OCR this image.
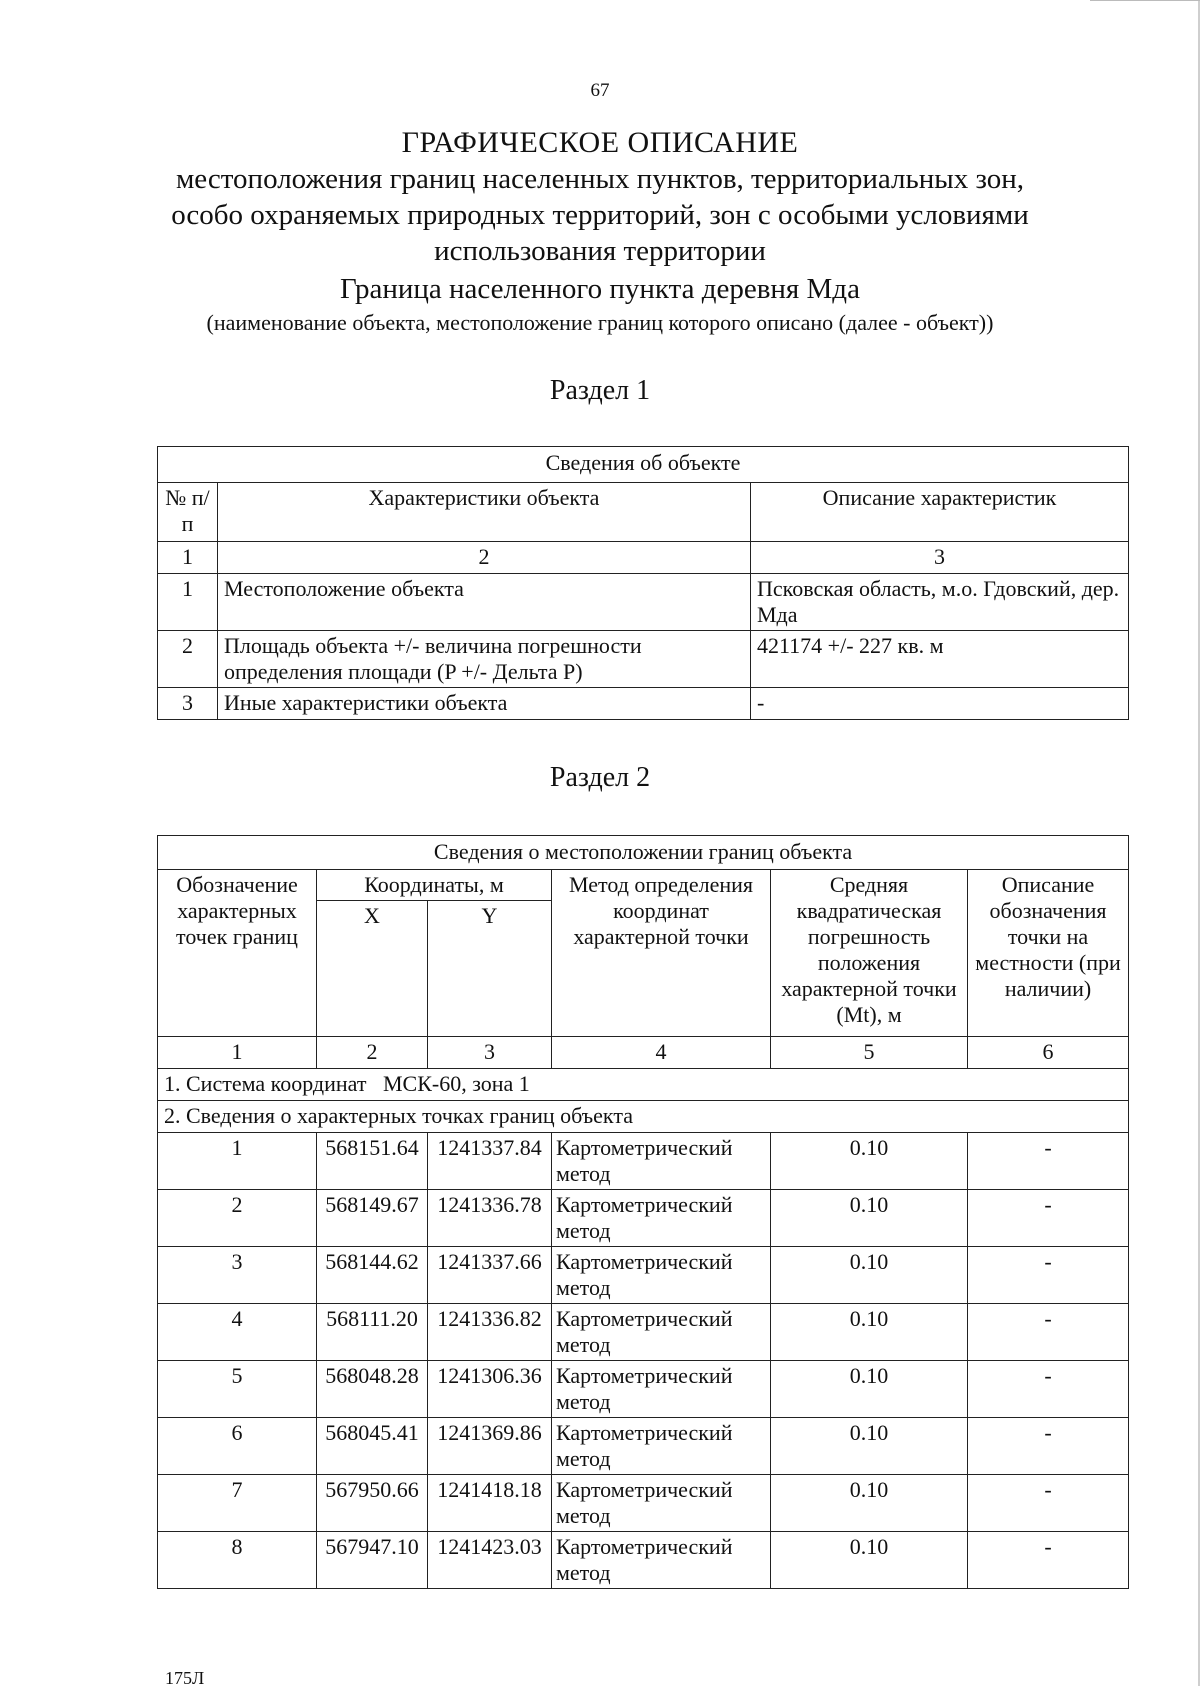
67
ГРАФИЧЕСКОЕ ОПИСАНИЕ
местоположения границ населенных пунктов, территориальных зон,
особо охраняемых природных территорий, зон с особыми условиями
использования территории
Граница населенного пункта деревня Мда
(наименование объекта, местоположение границ которого описано (далее - объект))
Раздел 1
Сведения об объекте		
№ п/п	Характеристики объекта	Описание характеристик
1	2	3
1	Местоположение объекта	Псковская область, м.о. Гдовский, дер. Мда
2	Площадь объекта +/- величина погрешности определения площади (P +/- Дельта P)	421174 +/- 227 кв. м
3	Иные характеристики объекта	-
Раздел 2
Сведения о местоположении границ объекта					
Обозначение характерных точек границ	Координаты, м		Метод определения координат характерной точки	Средняя квадратическая погрешность положения характерной точки (Mt), м	Описание обозначения точки на местности (при наличии)
	X	Y			
1	2	3	4	5	6
1. Система координат   МСК-60, зона 1					
2. Сведения о характерных точках границ объекта					
1	568151.64	1241337.84	Картометрический метод	0.10	-
2	568149.67	1241336.78	Картометрический метод	0.10	-
3	568144.62	1241337.66	Картометрический метод	0.10	-
4	568111.20	1241336.82	Картометрический метод	0.10	-
5	568048.28	1241306.36	Картометрический метод	0.10	-
6	568045.41	1241369.86	Картометрический метод	0.10	-
7	567950.66	1241418.18	Картометрический метод	0.10	-
8	567947.10	1241423.03	Картометрический метод	0.10	-
175Л
